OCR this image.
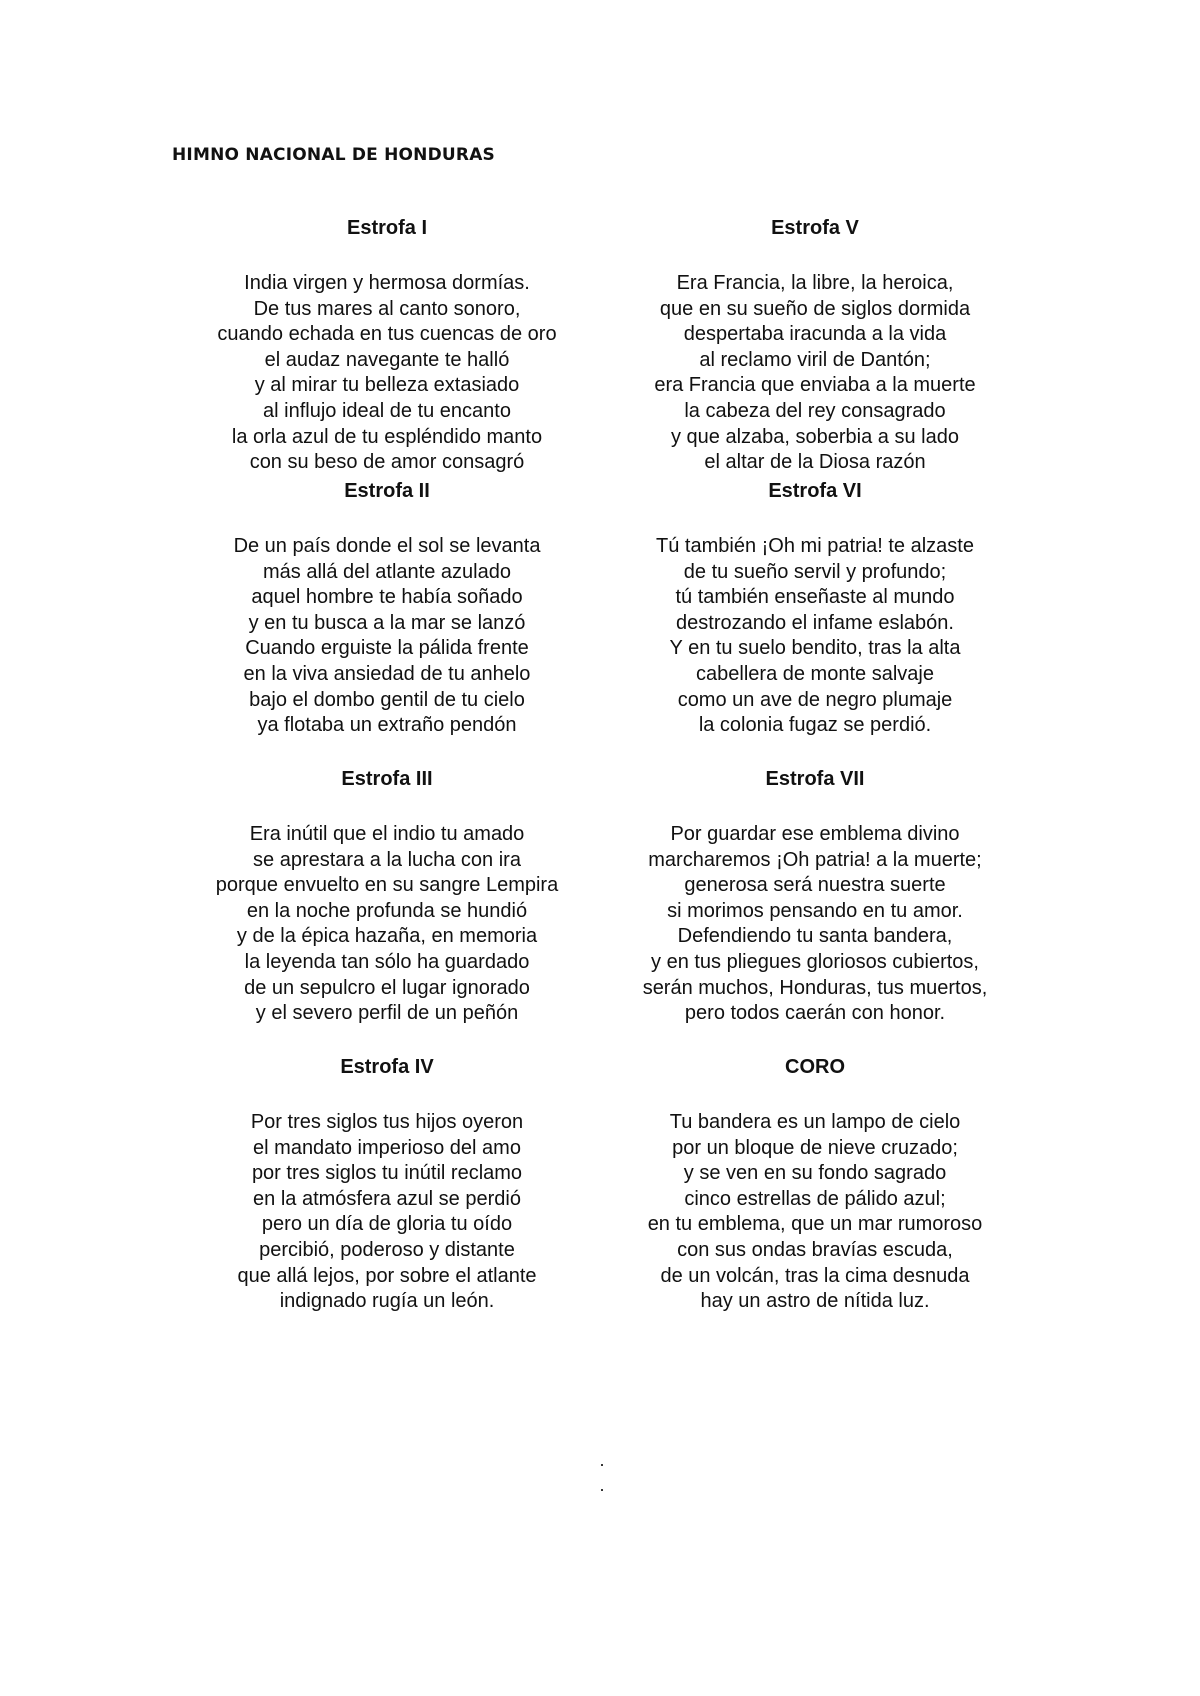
HIMNO NACIONAL DE HONDURAS
Estrofa I
India virgen y hermosa dormías.
De tus mares al canto sonoro,
cuando echada en tus cuencas de oro
el audaz navegante te halló
y al mirar tu belleza extasiado
al influjo ideal de tu encanto
la orla azul de tu espléndido manto
con su beso de amor consagró
Estrofa II
De un país donde el sol se levanta
más allá del atlante azulado
aquel hombre te había soñado
y en tu busca a la mar se lanzó
Cuando erguiste la pálida frente
en la viva ansiedad de tu anhelo
bajo el dombo gentil de tu cielo
ya flotaba un extraño pendón
Estrofa III
Era inútil que el indio tu amado
se aprestara a la lucha con ira
porque envuelto en su sangre Lempira
en la noche profunda se hundió
y de la épica hazaña, en memoria
la leyenda tan sólo ha guardado
de un sepulcro el lugar ignorado
y el severo perfil de un peñón
Estrofa IV
Por tres siglos tus hijos oyeron
el mandato imperioso del amo
por tres siglos tu inútil reclamo
en la atmósfera azul se perdió
pero un día de gloria tu oído
percibió, poderoso y distante
que allá lejos, por sobre el atlante
indignado rugía un león.
Estrofa V
Era Francia, la libre, la heroica,
que en su sueño de siglos dormida
despertaba iracunda a la vida
al reclamo viril de Dantón;
era Francia que enviaba a la muerte
la cabeza del rey consagrado
y que alzaba, soberbia a su lado
el altar de la Diosa razón
Estrofa VI
Tú también ¡Oh mi patria! te alzaste
de tu sueño servil y profundo;
tú también enseñaste al mundo
destrozando el infame eslabón.
Y en tu suelo bendito, tras la alta
cabellera de monte salvaje
como un ave de negro plumaje
la colonia fugaz se perdió.
Estrofa VII
Por guardar ese emblema divino
marcharemos ¡Oh patria! a la muerte;
generosa será nuestra suerte
si morimos pensando en tu amor.
Defendiendo tu santa bandera,
y en tus pliegues gloriosos cubiertos,
serán muchos, Honduras, tus muertos,
pero todos caerán con honor.
CORO
Tu bandera es un lampo de cielo
por un bloque de nieve cruzado;
y se ven en su fondo sagrado
cinco estrellas de pálido azul;
en tu emblema, que un mar rumoroso
con sus ondas bravías escuda,
de un volcán, tras la cima desnuda
hay un astro de nítida luz.
.
.
